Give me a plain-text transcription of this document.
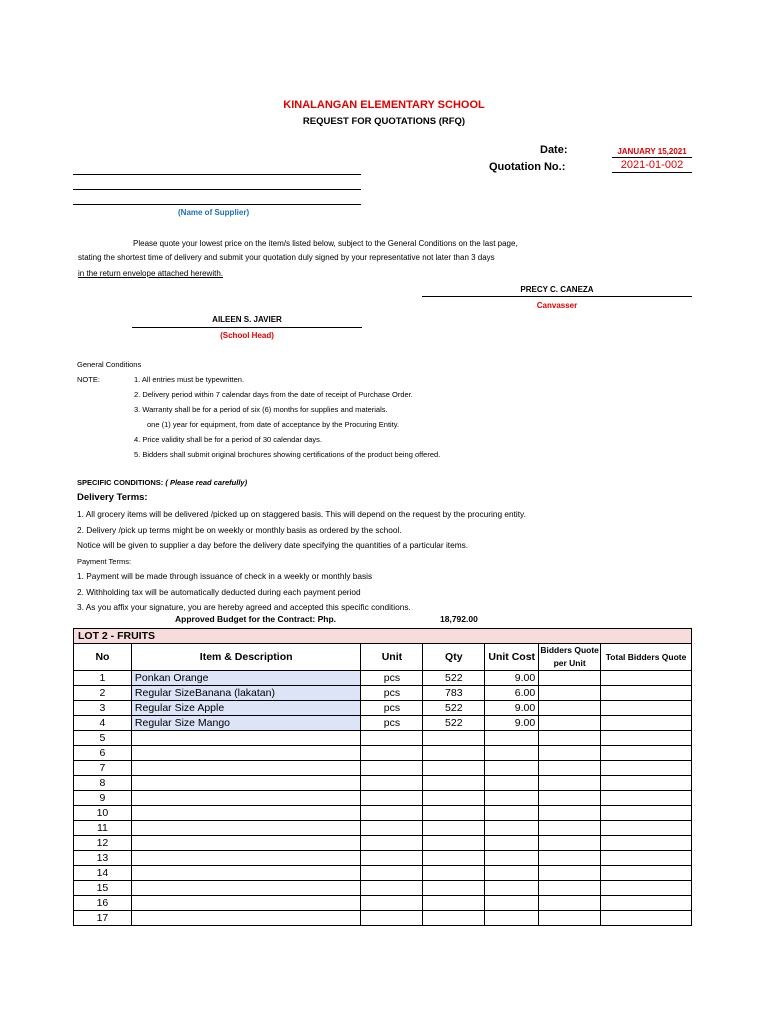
KINALANGAN ELEMENTARY SCHOOL
REQUEST FOR QUOTATIONS (RFQ)
Date:	JANUARY 15,2021
Quotation No.:	2021-01-002
(Name of Supplier)
Please quote your lowest price on the item/s listed below, subject to the General Conditions on the last page,
stating the shortest time of delivery and submit your quotation duly signed by your representative not later than 3 days
in the return envelope attached herewith.
PRECY C. CANEZA
Canvasser
AILEEN S. JAVIER
(School Head)
General Conditions
NOTE:	1. All entries must be typewritten.
2. Delivery period within 7 calendar days from the date of receipt of Purchase Order.
3. Warranty shall be for a period of six (6) months for supplies and materials.
one (1) year for equipment, from date of acceptance by the Procuring Entity.
4. Price validity shall be for a period of 30 calendar days.
5. Bidders shall submit original brochures showing certifications of the product being offered.
SPECIFIC CONDITIONS: ( Please read carefully)
Delivery Terms:
1. All grocery items will be delivered /picked up on staggered basis. This will depend on the request by the procuring entity.
2. Delivery /pick up terms might be on weekly or monthly basis as ordered by the school.
Notice will be given to supplier a day before the delivery date specifying the quantities of a particular items.
Payment Terms:
1. Payment will be made through issuance of check in a weekly or monthly basis
2. Withholding tax will be automatically deducted during each payment period
3. As you affix your signature, you are hereby agreed and accepted this specific conditions.
Approved Budget for the Contract: Php.	18,792.00
LOT 2 - FRUITS						
No	Item & Description	Unit	Qty	Unit Cost	Bidders Quote per Unit	Total Bidders Quote
1	Ponkan Orange	pcs	522	9.00		
2	Regular SizeBanana (lakatan)	pcs	783	6.00		
3	Regular Size Apple	pcs	522	9.00		
4	Regular Size Mango	pcs	522	9.00		
5						
6						
7						
8						
9						
10						
11						
12						
13						
14						
15						
16						
17						
